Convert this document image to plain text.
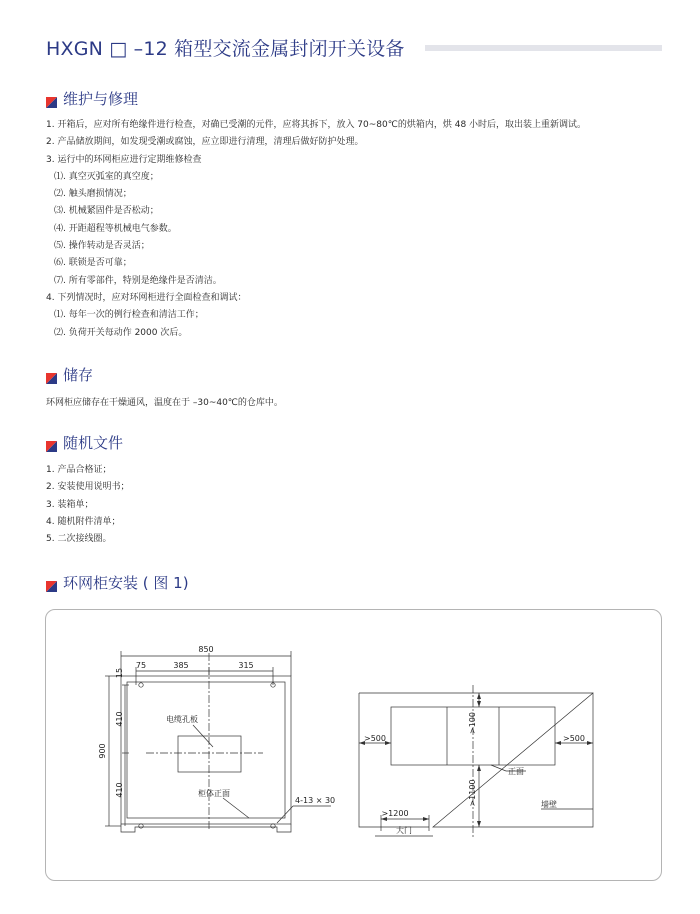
HXGN □ –12 箱型交流金属封闭开关设备
维护与修理
1. 开箱后，应对所有绝缘件进行检查，对确已受潮的元件，应将其拆下，放入 70~80℃的烘箱内，烘 48 小时后，取出装上重新调试。
2. 产品储放期间，如发现受潮或腐蚀，应立即进行清理，清理后做好防护处理。
3. 运行中的环网柜应进行定期维修检查
⑴. 真空灭弧室的真空度；
⑵. 触头磨损情况；
⑶. 机械紧固件是否松动；
⑷. 开距超程等机械电气参数。
⑸. 操作转动是否灵活；
⑹. 联锁是否可靠；
⑺. 所有零部件，特别是绝缘件是否清洁。
4. 下列情况时，应对环网柜进行全面检查和调试：
⑴. 每年一次的例行检查和清洁工作；
⑵. 负荷开关每动作 2000 次后。
储存
环网柜应储存在干燥通风，温度在于 –30~40℃的仓库中。
随机文件
1. 产品合格证；
2. 安装使用说明书；
3. 装箱单；
4. 随机附件清单；
5. 二次接线圈。
环网柜安装 ( 图 1)
850
75	385	315
15
410
900
410
电缆孔板
柜体正面
4-13 × 30
>500	>500
>100
>1100
正面
墙壁
>1200
大门
